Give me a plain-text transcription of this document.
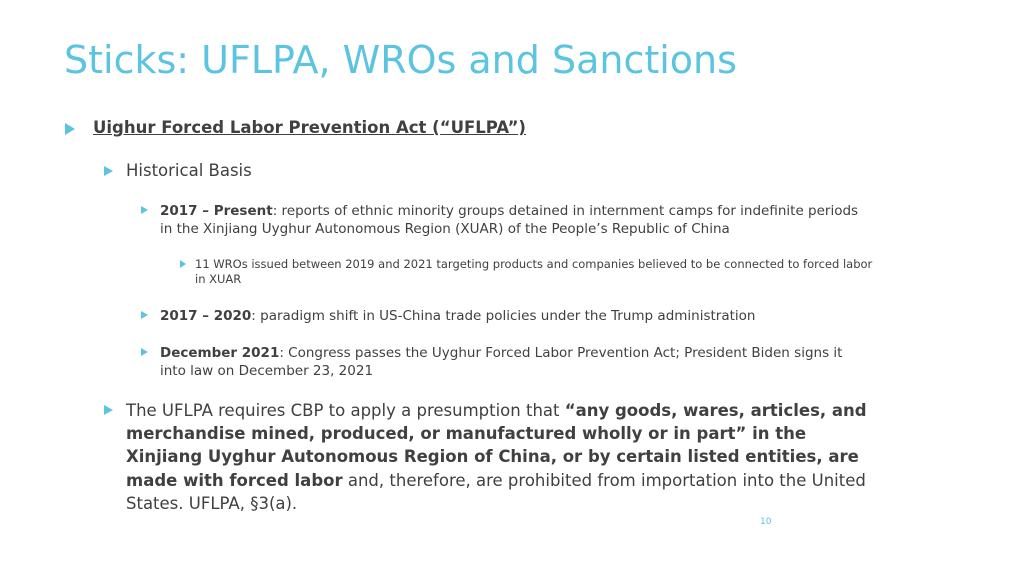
Sticks: UFLPA, WROs and Sanctions
Uighur Forced Labor Prevention Act (“UFLPA”)
Historical Basis
2017 – Present: reports of ethnic minority groups detained in internment camps for indefinite periods in the Xinjiang Uyghur Autonomous Region (XUAR) of the People’s Republic of China
11 WROs issued between 2019 and 2021 targeting products and companies believed to be connected to forced labor in XUAR
2017 – 2020: paradigm shift in US-China trade policies under the Trump administration
December 2021: Congress passes the Uyghur Forced Labor Prevention Act; President Biden signs it into law on December 23, 2021
The UFLPA requires CBP to apply a presumption that “any goods, wares, articles, and merchandise mined, produced, or manufactured wholly or in part” in the Xinjiang Uyghur Autonomous Region of China, or by certain listed entities, are made with forced labor and, therefore, are prohibited from importation into the United States. UFLPA, §3(a).
10
